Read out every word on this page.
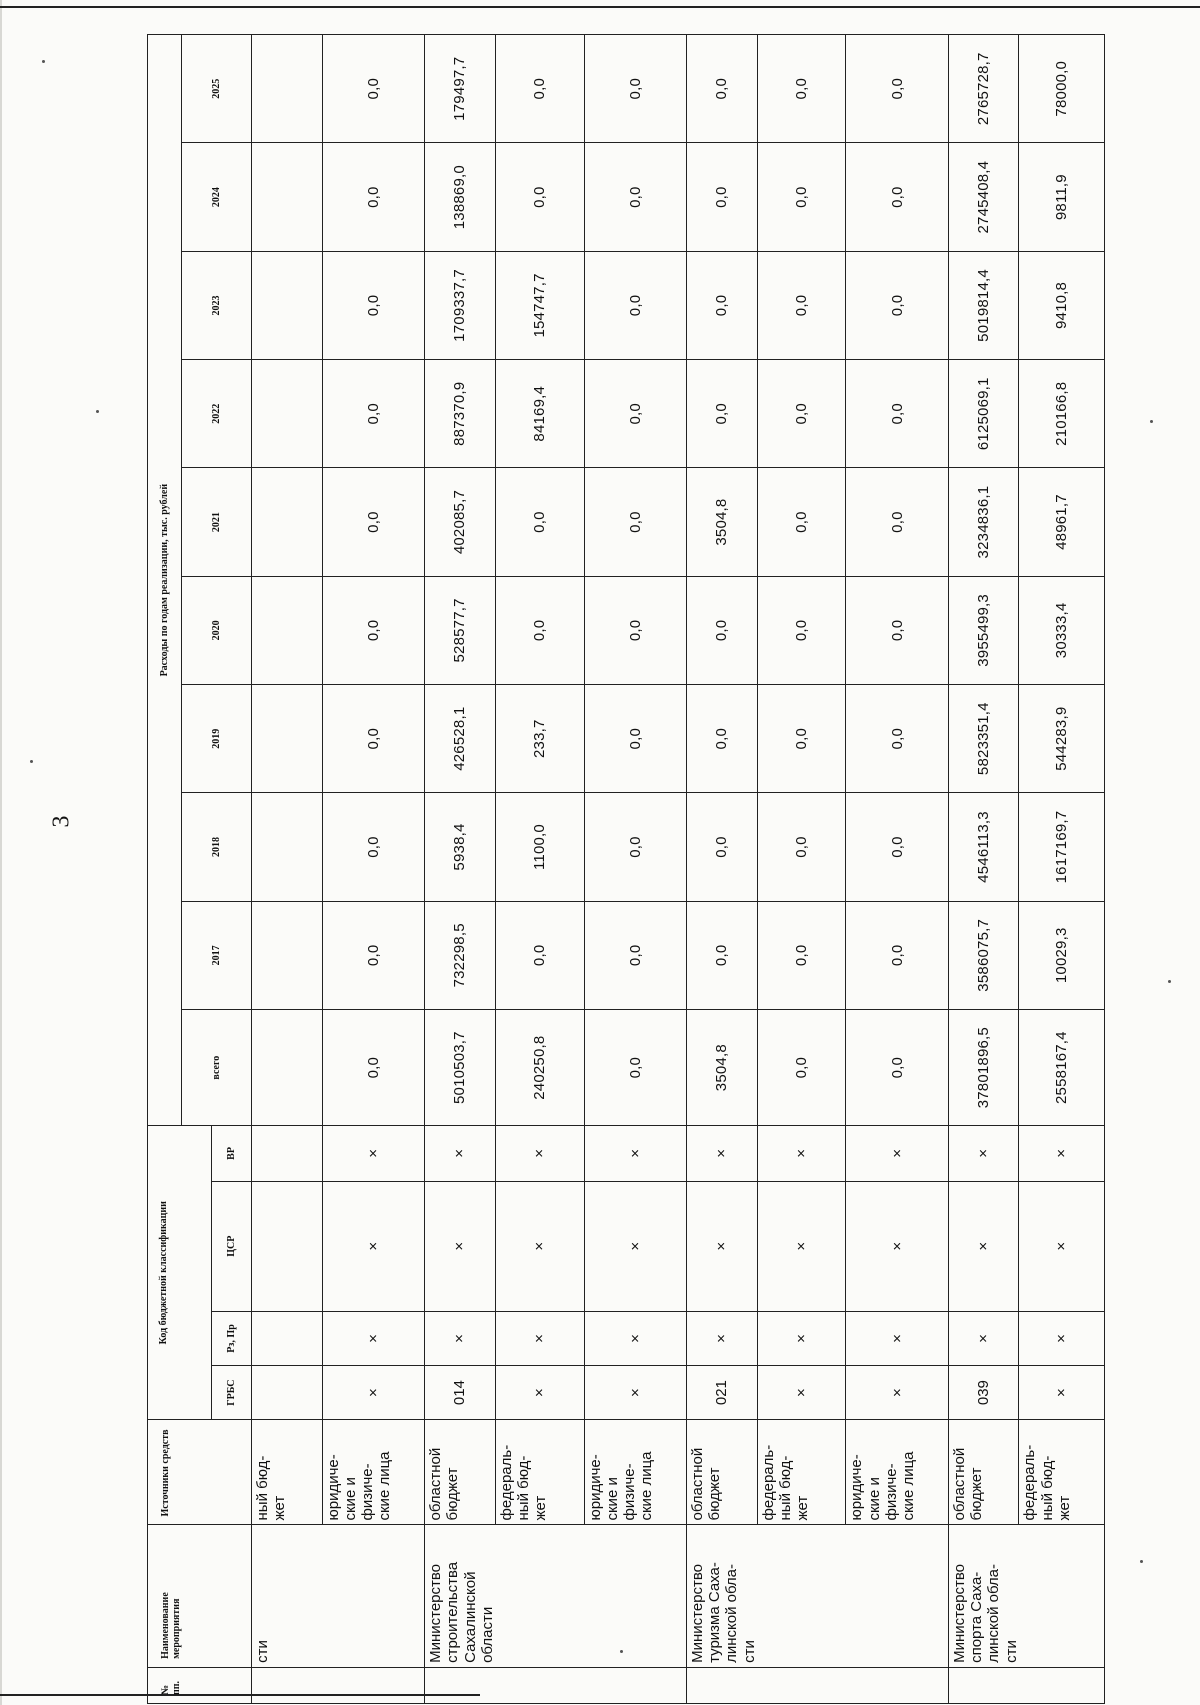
3
№ пп.	Наименование мероприятия	Источники средств	Код бюджетной классификации				Расходы по годам реализации, тыс. рублей									
							всего	2017	2018	2019	2020	2021	2022	2023	2024	2025
			ГРБС	Рз, Пр	ЦСР	ВР										
	сти	ный бюд-
жет														
		юридиче-
ские и
физиче-
ские лица	×	×	×	×	0,0	0,0	0,0	0,0	0,0	0,0	0,0	0,0	0,0	0,0
	Министерство
строительства
Сахалинской
области	областной
бюджет	014	×	×	×	5010503,7	732298,5	5938,4	426528,1	528577,7	402085,7	887370,9	1709337,7	138869,0	179497,7
		федераль-
ный бюд-
жет	×	×	×	×	240250,8	0,0	1100,0	233,7	0,0	0,0	84169,4	154747,7	0,0	0,0
		юридиче-
ские и
физиче-
ские лица	×	×	×	×	0,0	0,0	0,0	0,0	0,0	0,0	0,0	0,0	0,0	0,0
	Министерство
туризма Саха-
линской обла-
сти	областной
бюджет	021	×	×	×	3504,8	0,0	0,0	0,0	0,0	3504,8	0,0	0,0	0,0	0,0
		федераль-
ный бюд-
жет	×	×	×	×	0,0	0,0	0,0	0,0	0,0	0,0	0,0	0,0	0,0	0,0
		юридиче-
ские и
физиче-
ские лица	×	×	×	×	0,0	0,0	0,0	0,0	0,0	0,0	0,0	0,0	0,0	0,0
	Министерство
спорта Саха-
линской обла-
сти	областной
бюджет	039	×	×	×	37801896,5	3586075,7	4546113,3	5823351,4	3955499,3	3234836,1	6125069,1	5019814,4	2745408,4	2765728,7
		федераль-
ный бюд-
жет	×	×	×	×	2558167,4	10029,3	1617169,7	544283,9	30333,4	48961,7	210166,8	9410,8	9811,9	78000,0
